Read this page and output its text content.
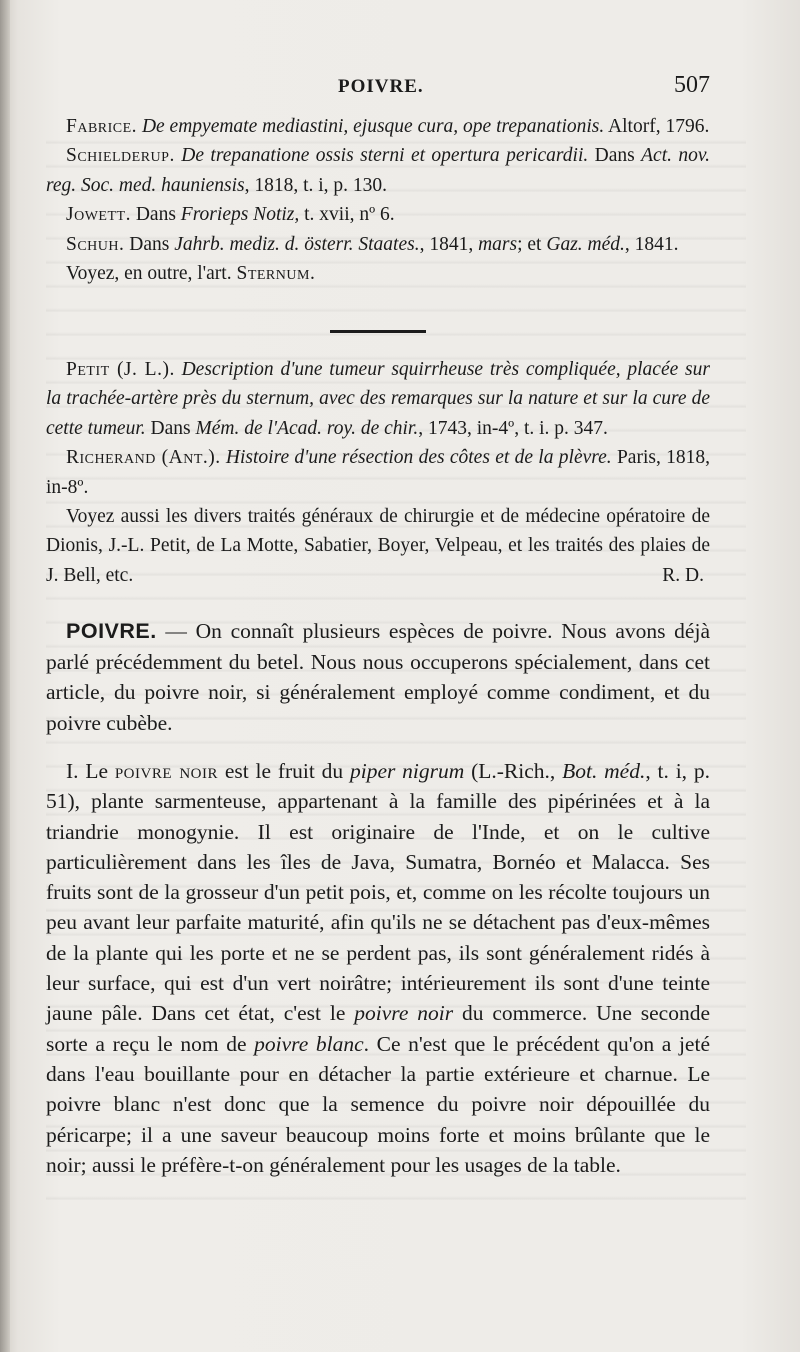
POIVRE.	507

Fabrice. De empyemate mediastini, ejusque cura, ope trepanationis. Altorf, 1796.

Schielderup. De trepanatione ossis sterni et opertura pericardii. Dans Act. nov. reg. Soc. med. hauniensis, 1818, t. i, p. 130.

Jowett. Dans Frorieps Notiz, t. xvii, nº 6.

Schuh. Dans Jahrb. mediz. d. österr. Staates., 1841, mars; et Gaz. méd., 1841.

Voyez, en outre, l'art. Sternum.

Petit (J. L.). Description d'une tumeur squirrheuse très compliquée, placée sur la trachée-artère près du sternum, avec des remarques sur la nature et sur la cure de cette tumeur. Dans Mém. de l'Acad. roy. de chir., 1743, in-4º, t. i. p. 347.

Richerand (Ant.). Histoire d'une résection des côtes et de la plèvre. Paris, 1818, in-8º.

Voyez aussi les divers traités généraux de chirurgie et de médecine opératoire de Dionis, J.-L. Petit, de La Motte, Sabatier, Boyer, Velpeau, et les traités des plaies de J. Bell, etc.	R. D.

POIVRE. — On connaît plusieurs espèces de poivre. Nous avons déjà parlé précédemment du betel. Nous nous occuperons spécialement, dans cet article, du poivre noir, si généralement employé comme condiment, et du poivre cubèbe.

I. Le poivre noir est le fruit du piper nigrum (L.-Rich., Bot. méd., t. i, p. 51), plante sarmenteuse, appartenant à la famille des pipérinées et à la triandrie monogynie. Il est originaire de l'Inde, et on le cultive particulièrement dans les îles de Java, Sumatra, Bornéo et Malacca. Ses fruits sont de la grosseur d'un petit pois, et, comme on les récolte toujours un peu avant leur parfaite maturité, afin qu'ils ne se détachent pas d'eux-mêmes de la plante qui les porte et ne se perdent pas, ils sont généralement ridés à leur surface, qui est d'un vert noirâtre; intérieurement ils sont d'une teinte jaune pâle. Dans cet état, c'est le poivre noir du commerce. Une seconde sorte a reçu le nom de poivre blanc. Ce n'est que le précédent qu'on a jeté dans l'eau bouillante pour en détacher la partie extérieure et charnue. Le poivre blanc n'est donc que la semence du poivre noir dépouillée du péricarpe; il a une saveur beaucoup moins forte et moins brûlante que le noir; aussi le préfère-t-on généralement pour les usages de la table.
